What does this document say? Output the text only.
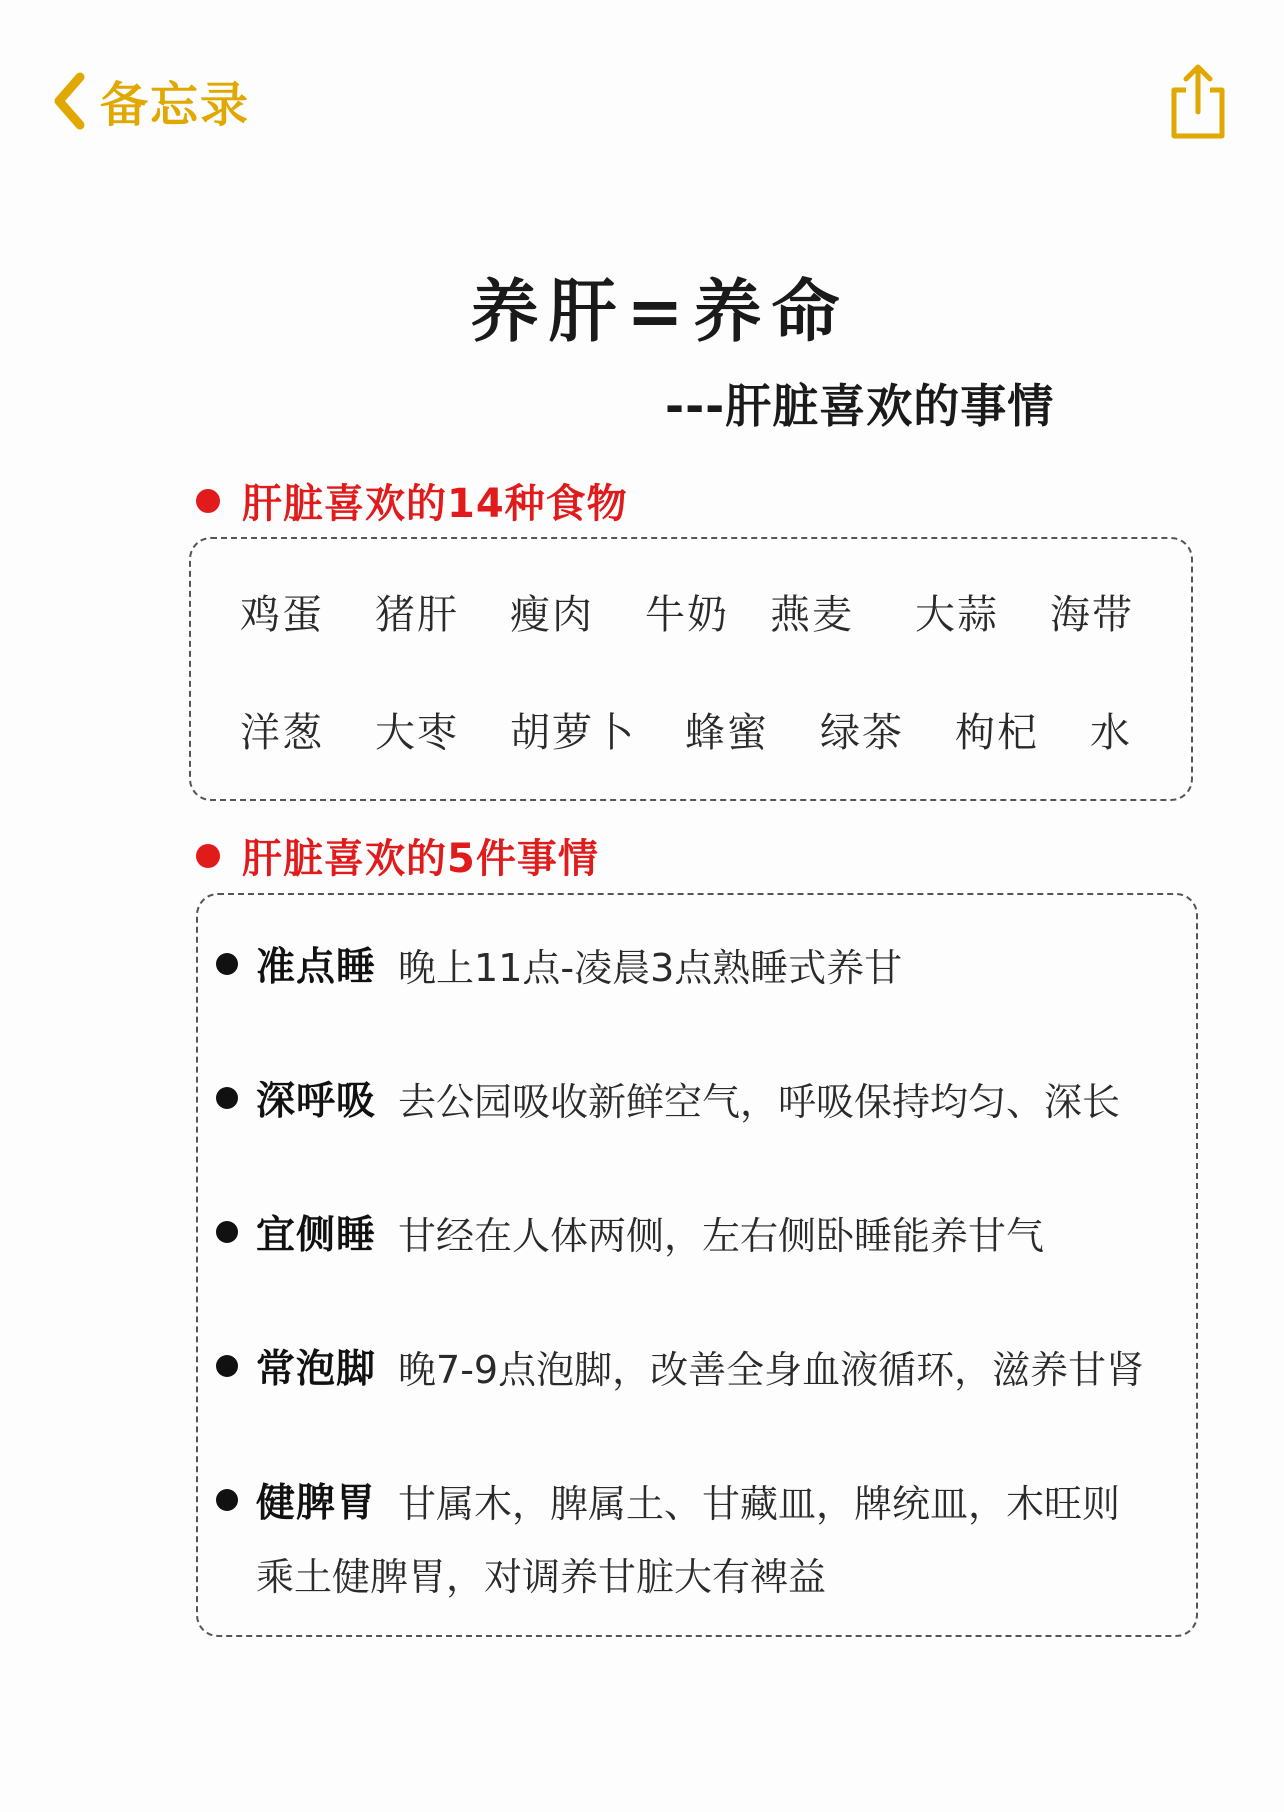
备忘录
养肝=养命
---肝脏喜欢的事情
肝脏喜欢的14种食物
鸡蛋 猪肝 瘦肉 牛奶 燕麦 大蒜 海带
洋葱 大枣 胡萝卜 蜂蜜 绿茶 枸杞 水
肝脏喜欢的5件事情
准点睡 晚上11点-凌晨3点熟睡式养甘
深呼吸 去公园吸收新鲜空气，呼吸保持均匀、深长
宜侧睡 甘经在人体两侧，左右侧卧睡能养甘气
常泡脚 晚7-9点泡脚，改善全身血液循环，滋养甘肾
健脾胃 甘属木，脾属土、甘藏皿，牌统皿，木旺则
乘土健脾胃，对调养甘脏大有裨益
